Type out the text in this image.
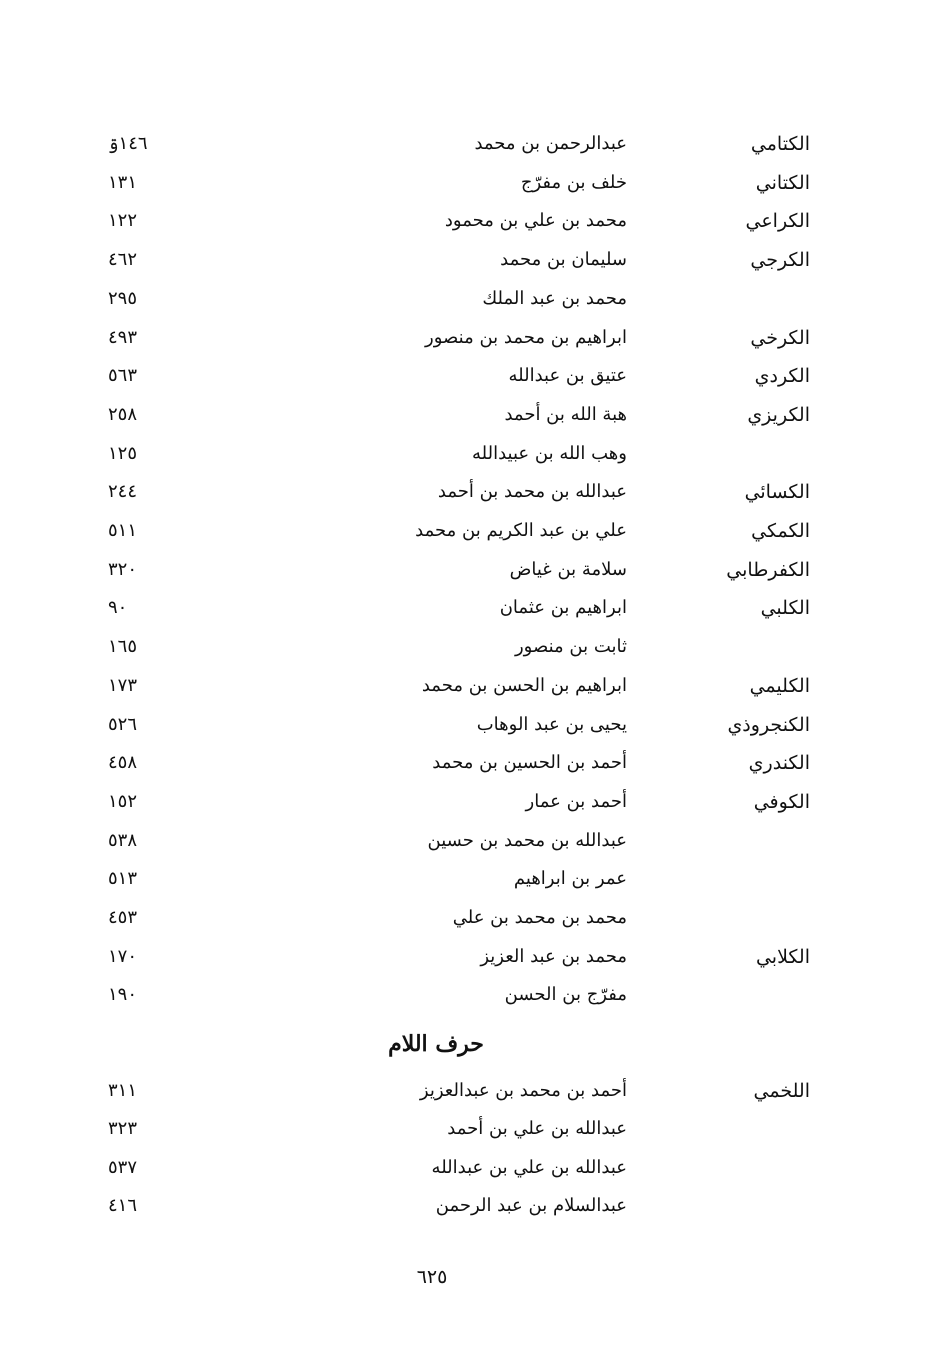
الكتامي
عبدالرحمن بن محمد
١٤٦ۊ
الكتاني
خلف بن مفرّج
١٣١
الكراعي
محمد بن علي بن محمود
١٢٢
الكرجي
سليمان بن محمد
٤٦٢
محمد بن عبد الملك
٢٩٥
الكرخي
ابراهيم بن محمد بن منصور
٤٩٣
الكردي
عتيق بن عبدالله
٥٦٣
الكريزي
هبة الله بن أحمد
٢٥٨
وهب الله بن عبيدالله
١٢٥
الكسائي
عبدالله بن محمد بن أحمد
٢٤٤
الكمكي
علي بن عبد الكريم بن محمد
٥١١
الكفرطابي
سلامة بن غياض
٣٢٠
الكلبي
ابراهيم بن عثمان
٩٠
ثابت بن منصور
١٦٥
الكليمي
ابراهيم بن الحسن بن محمد
١٧٣
الكنجروذي
يحيى بن عبد الوهاب
٥٢٦
الكندري
أحمد بن الحسين بن محمد
٤٥٨
الكوفي
أحمد بن عمار
١٥٢
عبدالله بن محمد بن حسين
٥٣٨
عمر بن ابراهيم
٥١٣
محمد بن محمد بن علي
٤٥٣
الكلابي
محمد بن عبد العزيز
١٧٠
مفرّج بن الحسن
١٩٠
حرف اللام
اللخمي
أحمد بن محمد بن عبدالعزيز
٣١١
عبدالله بن علي بن أحمد
٣٢٣
عبدالله بن علي بن عبدالله
٥٣٧
عبدالسلام بن عبد الرحمن
٤١٦
٦٢٥
